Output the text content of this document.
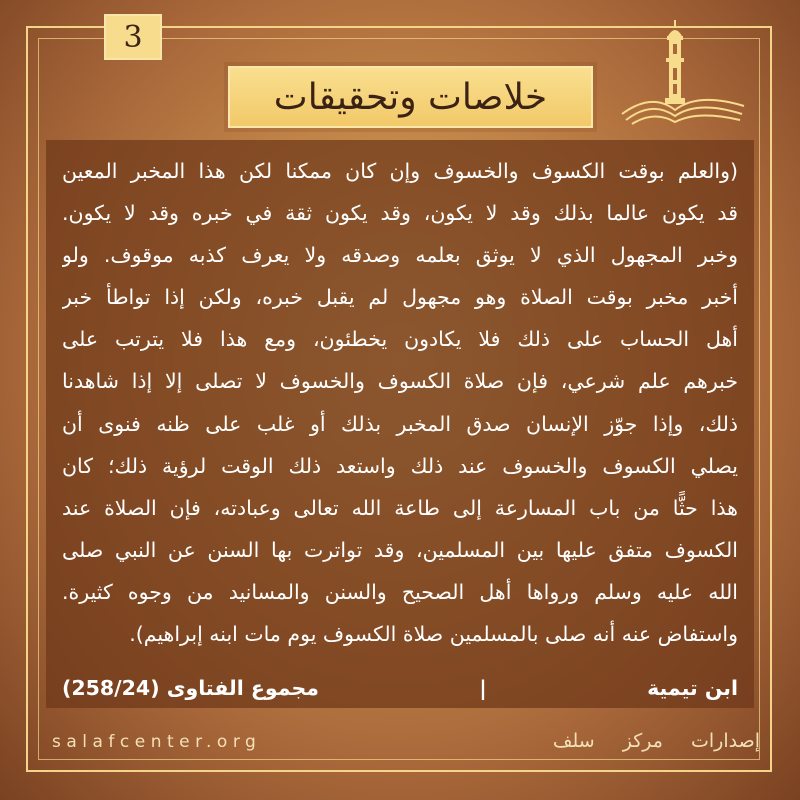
3
خلاصات وتحقيقات
(والعلم بوقت الكسوف والخسوف وإن كان ممكنا لكن هذا المخبر المعين
قد يكون عالما بذلك وقد لا يكون، وقد يكون ثقة في خبره وقد لا يكون.
وخبر المجهول الذي لا يوثق بعلمه وصدقه ولا يعرف كذبه موقوف. ولو
أخبر مخبر بوقت الصلاة وهو مجهول لم يقبل خبره، ولكن إذا تواطأ خبر
أهل الحساب على ذلك فلا يكادون يخطئون، ومع هذا فلا يترتب على
خبرهم علم شرعي، فإن صلاة الكسوف والخسوف لا تصلى إلا إذا شاهدنا
ذلك، وإذا جوّز الإنسان صدق المخبر بذلك أو غلب على ظنه فنوى أن
يصلي الكسوف والخسوف عند ذلك واستعد ذلك الوقت لرؤية ذلك؛ كان
هذا حثًّا من باب المسارعة إلى طاعة الله تعالى وعبادته، فإن الصلاة عند
الكسوف متفق عليها بين المسلمين، وقد تواترت بها السنن عن النبي صلى
الله عليه وسلم ورواها أهل الصحيح والسنن والمسانيد من وجوه كثيرة.
واستفاض عنه أنه صلى بالمسلمين صلاة الكسوف يوم مات ابنه إبراهيم).
ابن تيمية
|
مجموع الفتاوى (258/24)
salafcenter.org	إصدارات مركز سلف
